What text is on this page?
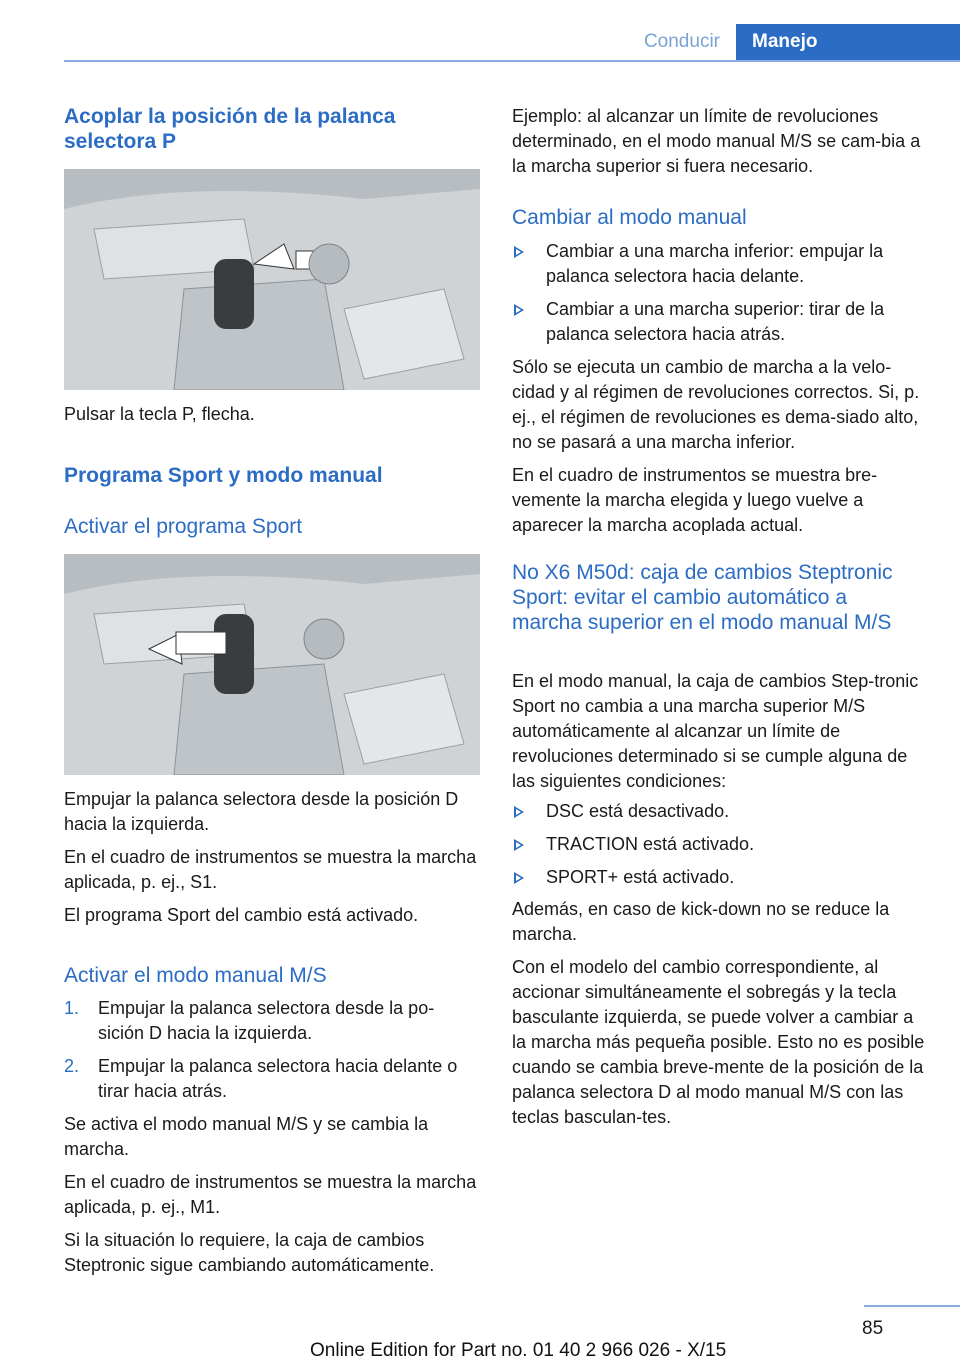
Conducir	Manejo
Acoplar la posición de la palanca selectora P
Pulsar la tecla P, flecha.
Programa Sport y modo manual
Activar el programa Sport
Empujar la palanca selectora desde la posición D hacia la izquierda.
En el cuadro de instrumentos se muestra la marcha aplicada, p. ej., S1.
El programa Sport del cambio está activado.
Activar el modo manual M/S
1. Empujar la palanca selectora desde la po-sición D hacia la izquierda.
2. Empujar la palanca selectora hacia delante o tirar hacia atrás.
Se activa el modo manual M/S y se cambia la marcha.
En el cuadro de instrumentos se muestra la marcha aplicada, p. ej., M1.
Si la situación lo requiere, la caja de cambios Steptronic sigue cambiando automáticamente.
Ejemplo: al alcanzar un límite de revoluciones determinado, en el modo manual M/S se cam-bia a la marcha superior si fuera necesario.
Cambiar al modo manual
Cambiar a una marcha inferior: empujar la palanca selectora hacia delante.
Cambiar a una marcha superior: tirar de la palanca selectora hacia atrás.
Sólo se ejecuta un cambio de marcha a la velo-cidad y al régimen de revoluciones correctos. Si, p. ej., el régimen de revoluciones es dema-siado alto, no se pasará a una marcha inferior.
En el cuadro de instrumentos se muestra bre-vemente la marcha elegida y luego vuelve a aparecer la marcha acoplada actual.
No X6 M50d: caja de cambios Steptronic Sport: evitar el cambio automático a marcha superior en el modo manual M/S
En el modo manual, la caja de cambios Step-tronic Sport no cambia a una marcha superior M/S automáticamente al alcanzar un límite de revoluciones determinado si se cumple alguna de las siguientes condiciones:
DSC está desactivado.
TRACTION está activado.
SPORT+ está activado.
Además, en caso de kick-down no se reduce la marcha.
Con el modelo del cambio correspondiente, al accionar simultáneamente el sobregás y la tecla basculante izquierda, se puede volver a cambiar a la marcha más pequeña posible. Esto no es posible cuando se cambia breve-mente de la posición de la palanca selectora D al modo manual M/S con las teclas basculan-tes.
85
Online Edition for Part no. 01 40 2 966 026 - X/15
